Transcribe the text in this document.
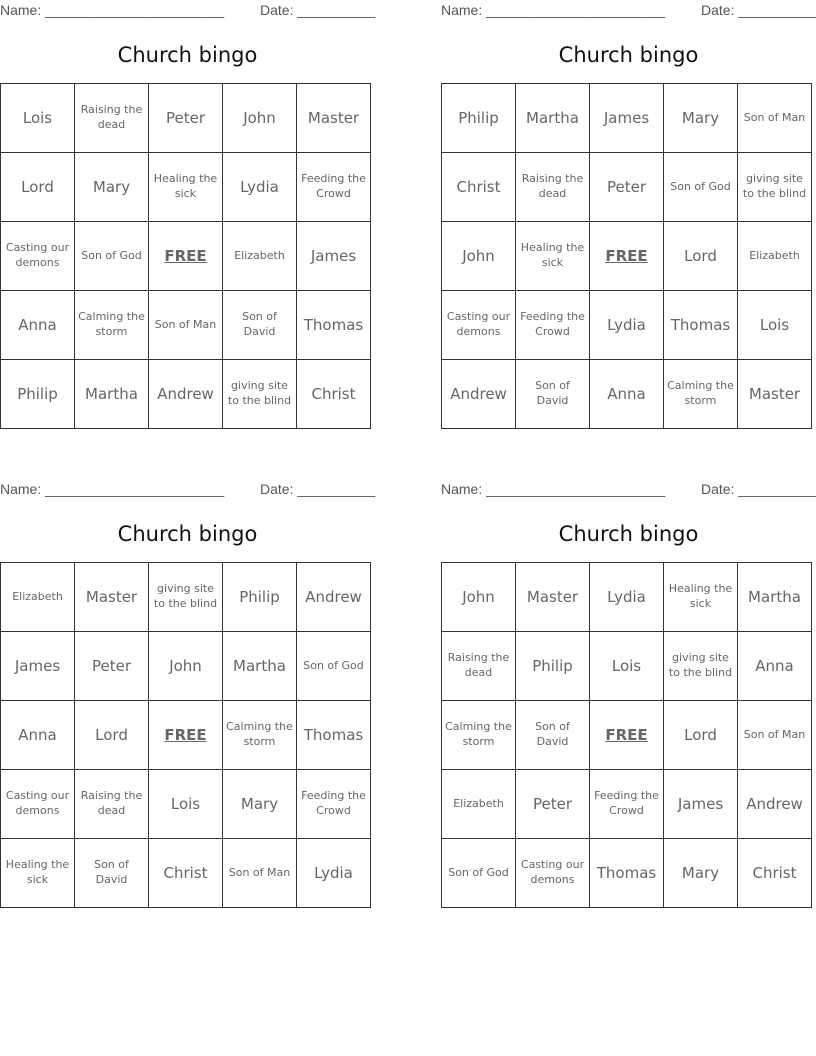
Name: _______________________	Date: __________
Church bingo
Lois	Raising the dead	Peter	John	Master
Lord	Mary	Healing the sick	Lydia	Feeding the Crowd
Casting our demons	Son of God	FREE	Elizabeth	James
Anna	Calming the storm	Son of Man	Son of David	Thomas
Philip	Martha	Andrew	giving site to the blind	Christ
Name: _______________________	Date: __________
Church bingo
Philip	Martha	James	Mary	Son of Man
Christ	Raising the dead	Peter	Son of God	giving site to the blind
John	Healing the sick	FREE	Lord	Elizabeth
Casting our demons	Feeding the Crowd	Lydia	Thomas	Lois
Andrew	Son of David	Anna	Calming the storm	Master
Name: _______________________	Date: __________
Church bingo
Elizabeth	Master	giving site to the blind	Philip	Andrew
James	Peter	John	Martha	Son of God
Anna	Lord	FREE	Calming the storm	Thomas
Casting our demons	Raising the dead	Lois	Mary	Feeding the Crowd
Healing the sick	Son of David	Christ	Son of Man	Lydia
Name: _______________________	Date: __________
Church bingo
John	Master	Lydia	Healing the sick	Martha
Raising the dead	Philip	Lois	giving site to the blind	Anna
Calming the storm	Son of David	FREE	Lord	Son of Man
Elizabeth	Peter	Feeding the Crowd	James	Andrew
Son of God	Casting our demons	Thomas	Mary	Christ
